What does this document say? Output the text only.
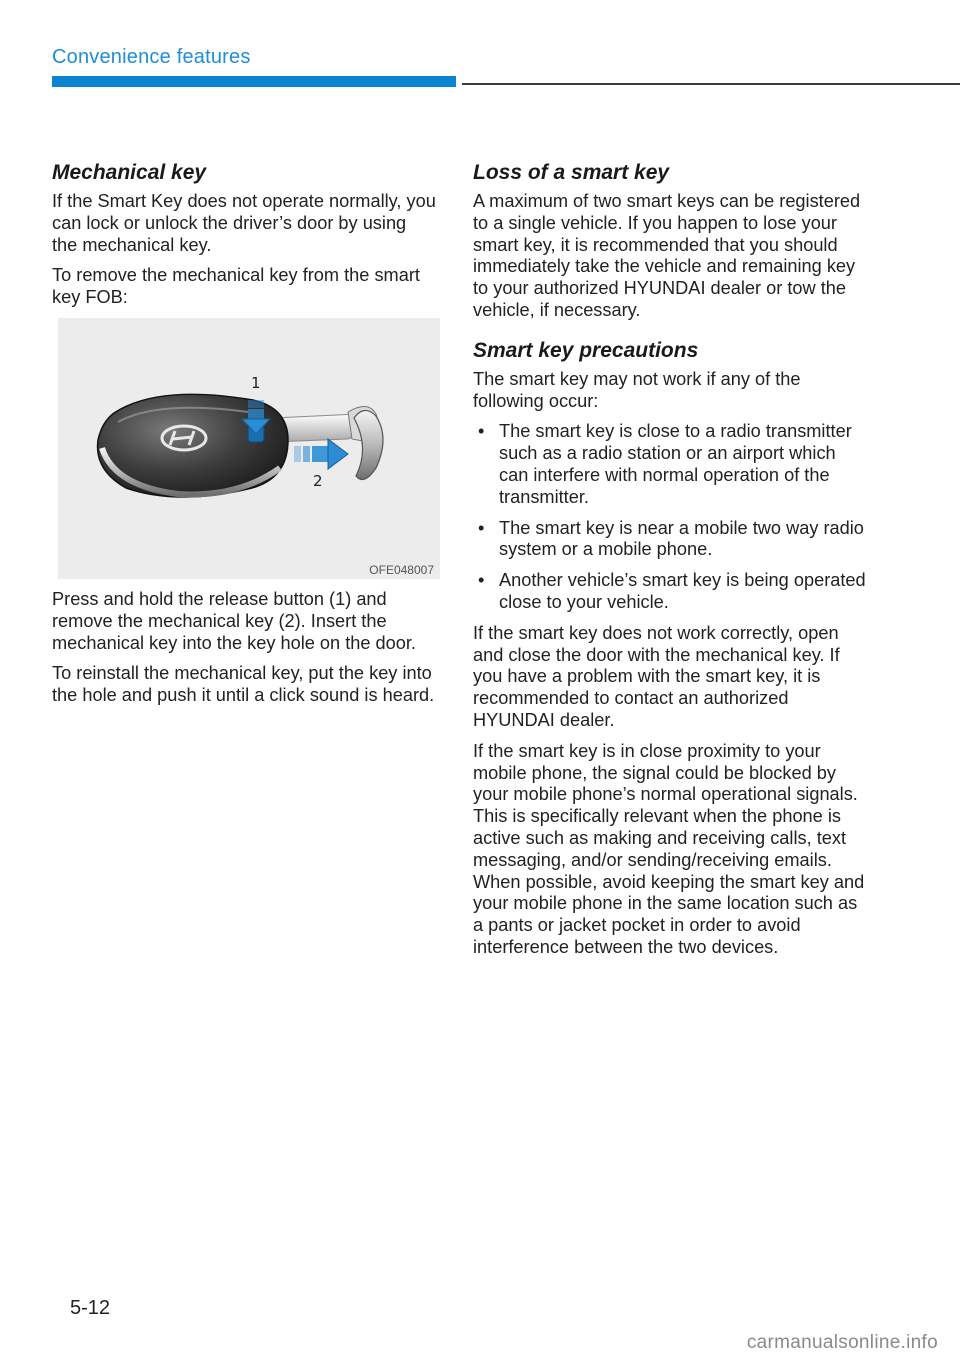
Convenience features
Mechanical key

If the Smart Key does not operate normally, you can lock or unlock the driver’s door by using the mechanical key.

To remove the mechanical key from the smart key FOB:

1
2
OFE048007

Press and hold the release button (1) and remove the mechanical key (2). Insert the mechanical key into the key hole on the door.

To reinstall the mechanical key, put the key into the hole and push it until a click sound is heard.

Loss of a smart key

A maximum of two smart keys can be registered to a single vehicle. If you happen to lose your smart key, it is recommended that you should immediately take the vehicle and remaining key to your authorized HYUNDAI dealer or tow the vehicle, if necessary.

Smart key precautions

The smart key may not work if any of the following occur:

• The smart key is close to a radio transmitter such as a radio station or an airport which can interfere with normal operation of the transmitter.
• The smart key is near a mobile two way radio system or a mobile phone.
• Another vehicle’s smart key is being operated close to your vehicle.

If the smart key does not work correctly, open and close the door with the mechanical key. If you have a problem with the smart key, it is recommended to contact an authorized HYUNDAI dealer.

If the smart key is in close proximity to your mobile phone, the signal could be blocked by your mobile phone’s normal operational signals. This is specifically relevant when the phone is active such as making and receiving calls, text messaging, and/or sending/receiving emails. When possible, avoid keeping the smart key and your mobile phone in the same location such as a pants or jacket pocket in order to avoid interference between the two devices.

5-12
carmanualsonline.info
